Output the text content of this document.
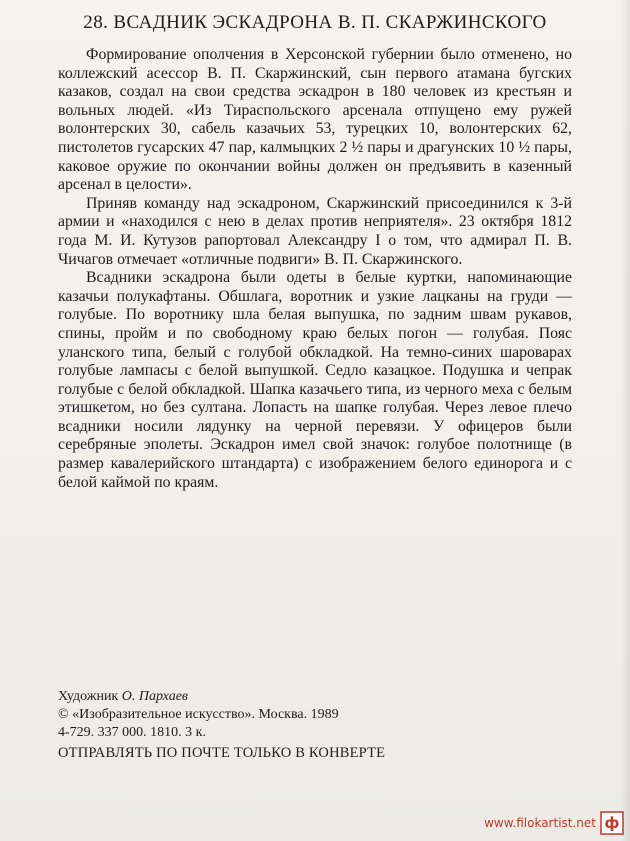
28. ВСАДНИК ЭСКАДРОНА В. П. СКАРЖИНСКОГО

Формирование ополчения в Херсонской губернии было отменено, но коллежский асессор В. П. Скаржинский, сын первого атамана бугских казаков, создал на свои средства эскадрон в 180 человек из крестьян и вольных людей. «Из Тираспольского арсенала отпущено ему ружей волонтерских 30, сабель казачьих 53, турецких 10, волонтерских 62, пистолетов гусарских 47 пар, калмыцких 2 ½ пары и драгунских 10 ½ пары, каковое оружие по окончании войны должен он предъявить в казенный арсенал в целости».

Приняв команду над эскадроном, Скаржинский присоединился к 3-й армии и «находился с нею в делах против неприятеля». 23 октября 1812 года М. И. Кутузов рапортовал Александру I о том, что адмирал П. В. Чичагов отмечает «отличные подвиги» В. П. Скаржинского.

Всадники эскадрона были одеты в белые куртки, напоминающие казачьи полукафтаны. Обшлага, воротник и узкие лацканы на груди — голубые. По воротнику шла белая выпушка, по задним швам рукавов, спины, пройм и по свободному краю белых погон — голубая. Пояс уланского типа, белый с голубой обкладкой. На темно-синих шароварах голубые лампасы с белой выпушкой. Седло казацкое. Подушка и чепрак голубые с белой обкладкой. Шапка казачьего типа, из черного меха с белым этишкетом, но без султана. Лопасть на шапке голубая. Через левое плечо всадники носили лядунку на черной перевязи. У офицеров были серебряные эполеты. Эскадрон имел свой значок: голубое полотнище (в размер кавалерийского штандарта) с изображением белого единорога и с белой каймой по краям.

Художник О. Пархаев
© «Изобразительное искусство». Москва. 1989
4-729. 337 000. 1810. 3 к.
ОТПРАВЛЯТЬ ПО ПОЧТЕ ТОЛЬКО В КОНВЕРТЕ
www.filokartist.net ф
